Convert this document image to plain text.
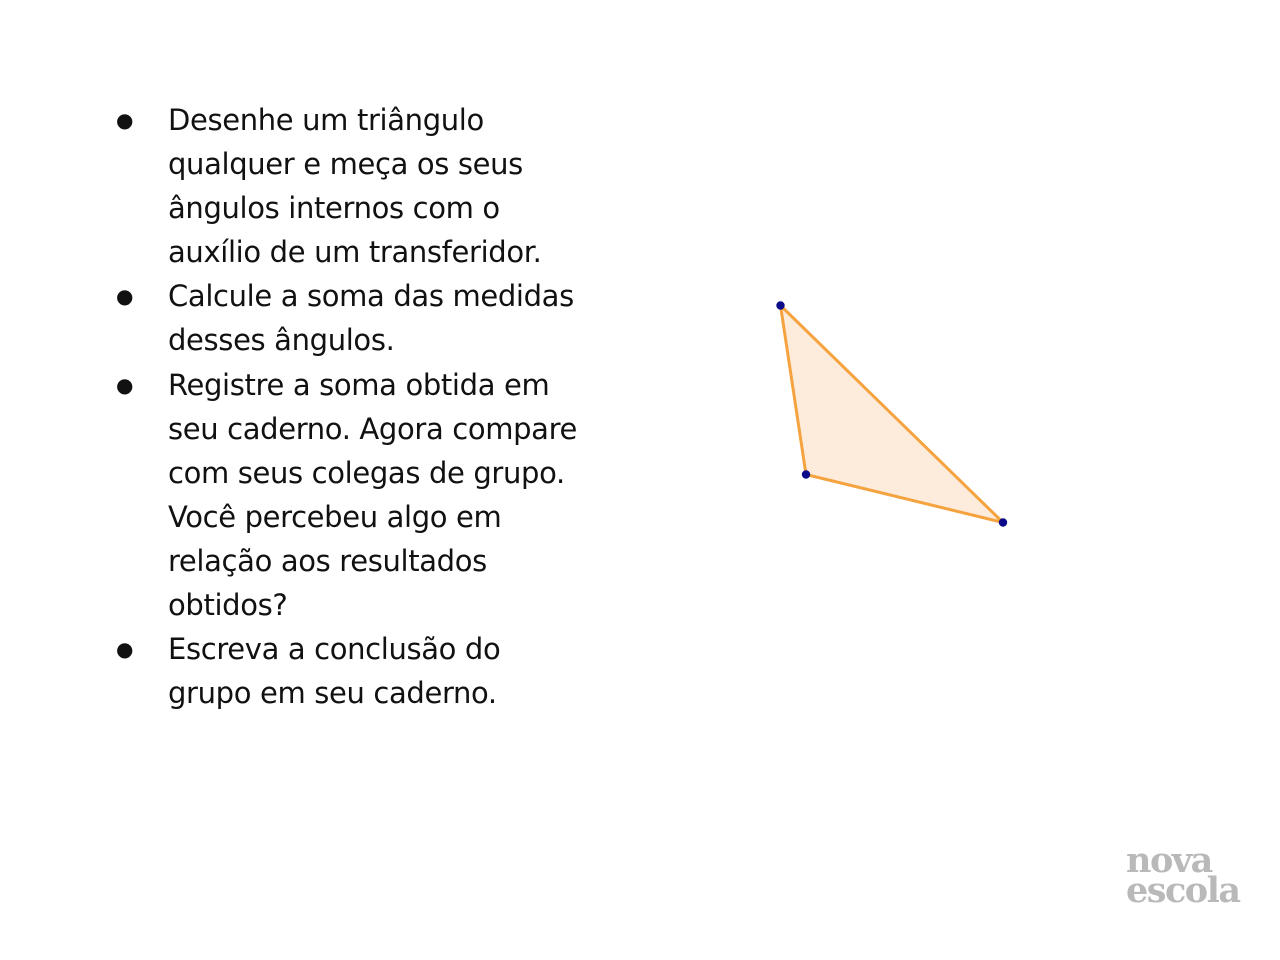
● Desenhe um triângulo qualquer e meça os seus ângulos internos com o auxílio de um transferidor.
● Calcule a soma das medidas desses ângulos.
● Registre a soma obtida em seu caderno. Agora compare com seus colegas de grupo. Você percebeu algo em relação aos resultados obtidos?
● Escreva a conclusão do grupo em seu caderno.
nova
escola
